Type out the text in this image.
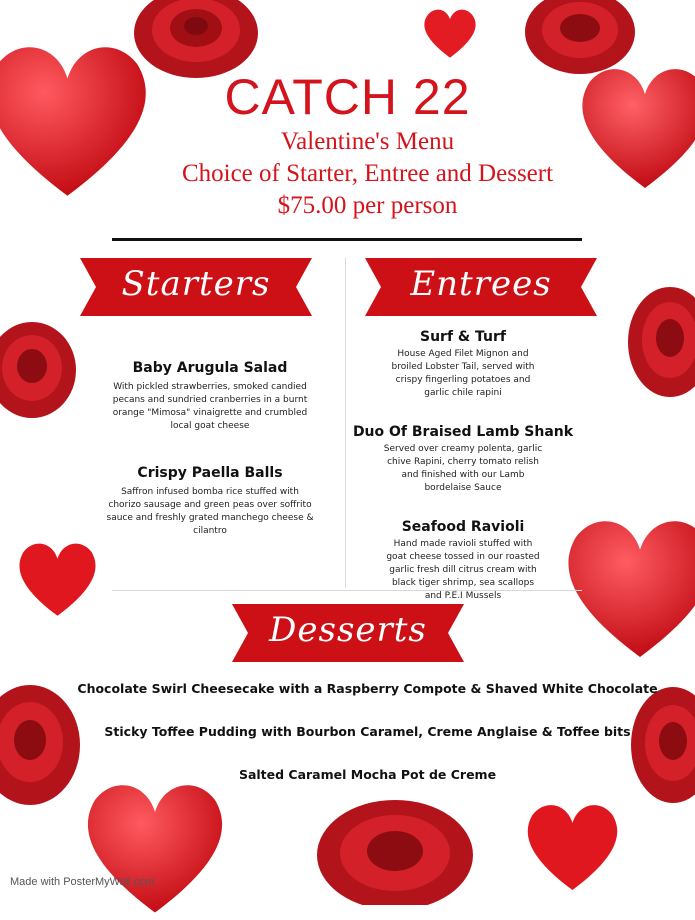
CATCH 22
Valentine's Menu
Choice of Starter, Entree and Dessert
$75.00 per person
Starters	Entrees
Baby Arugula Salad
With pickled strawberries, smoked candied pecans and sundried cranberries in a burnt orange "Mimosa" vinaigrette and crumbled local goat cheese
Crispy Paella Balls
Saffron infused bomba rice stuffed with chorizo sausage and green peas over soffrito sauce and freshly grated manchego cheese & cilantro
Surf & Turf
House Aged Filet Mignon and broiled Lobster Tail, served with crispy fingerling potatoes and garlic chile rapini
Duo Of Braised Lamb Shank
Served over creamy polenta, garlic chive Rapini, cherry tomato relish and finished with our Lamb bordelaise Sauce
Seafood Ravioli
Hand made ravioli stuffed with goat cheese tossed in our roasted garlic fresh dill citrus cream with black tiger shrimp, sea scallops and P.E.I Mussels
Desserts
Chocolate Swirl Cheesecake with a Raspberry Compote & Shaved White Chocolate
Sticky Toffee Pudding with Bourbon Caramel, Creme Anglaise & Toffee bits
Salted Caramel Mocha Pot de Creme
Made with PosterMyWall.com
